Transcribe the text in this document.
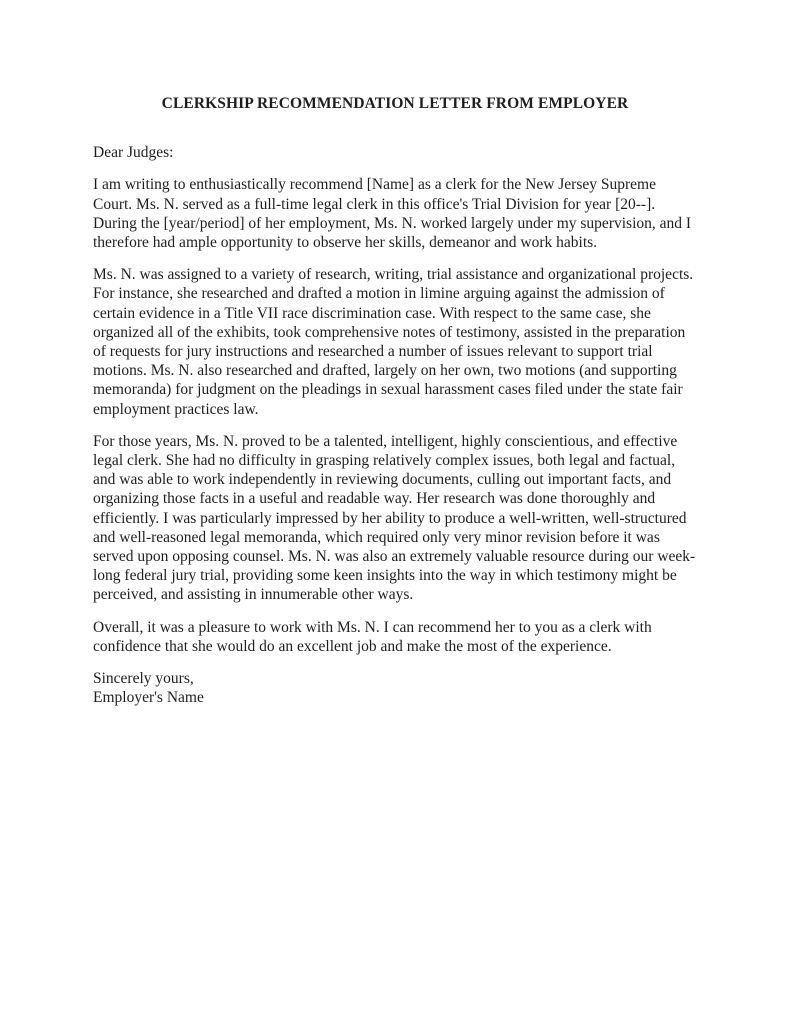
CLERKSHIP RECOMMENDATION LETTER FROM EMPLOYER

Dear Judges:

I am writing to enthusiastically recommend [Name] as a clerk for the New Jersey Supreme Court. Ms. N. served as a full-time legal clerk in this office's Trial Division for year [20--]. During the [year/period] of her employment, Ms. N. worked largely under my supervision, and I therefore had ample opportunity to observe her skills, demeanor and work habits.

Ms. N. was assigned to a variety of research, writing, trial assistance and organizational projects. For instance, she researched and drafted a motion in limine arguing against the admission of certain evidence in a Title VII race discrimination case. With respect to the same case, she organized all of the exhibits, took comprehensive notes of testimony, assisted in the preparation of requests for jury instructions and researched a number of issues relevant to support trial motions. Ms. N. also researched and drafted, largely on her own, two motions (and supporting memoranda) for judgment on the pleadings in sexual harassment cases filed under the state fair employment practices law.

For those years, Ms. N. proved to be a talented, intelligent, highly conscientious, and effective legal clerk. She had no difficulty in grasping relatively complex issues, both legal and factual, and was able to work independently in reviewing documents, culling out important facts, and organizing those facts in a useful and readable way. Her research was done thoroughly and efficiently. I was particularly impressed by her ability to produce a well-written, well-structured and well-reasoned legal memoranda, which required only very minor revision before it was served upon opposing counsel. Ms. N. was also an extremely valuable resource during our week-long federal jury trial, providing some keen insights into the way in which testimony might be perceived, and assisting in innumerable other ways.

Overall, it was a pleasure to work with Ms. N. I can recommend her to you as a clerk with confidence that she would do an excellent job and make the most of the experience.

Sincerely yours,

Employer's Name
